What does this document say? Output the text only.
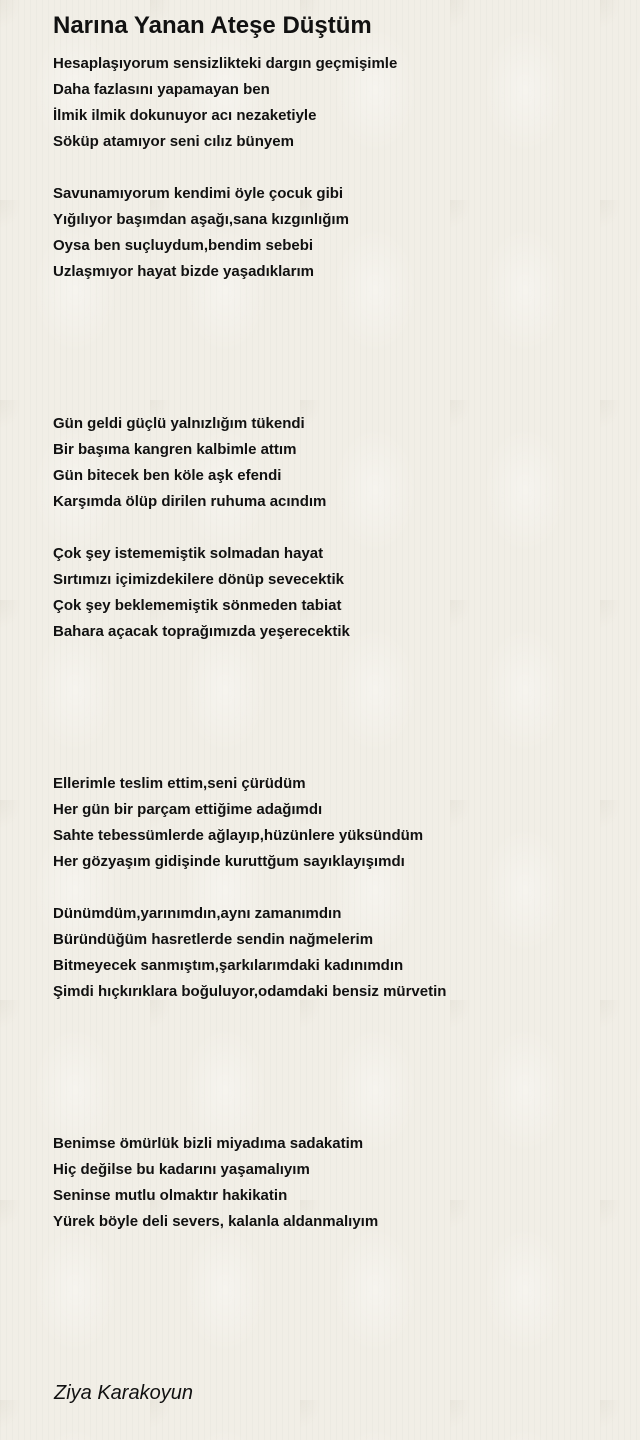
Narına Yanan Ateşe Düştüm
Hesaplaşıyorum sensizlikteki dargın geçmişimle
Daha fazlasını yapamayan ben
İlmik ilmik dokunuyor acı nezaketiyle
Söküp atamıyor seni cılız bünyem
Savunamıyorum kendimi öyle çocuk gibi
Yığılıyor başımdan aşağı,sana kızgınlığım
Oysa ben suçluydum,bendim sebebi
Uzlaşmıyor hayat bizde yaşadıklarım
Gün geldi güçlü yalnızlığım tükendi
Bir başıma kangren kalbimle attım
Gün bitecek ben köle aşk efendi
Karşımda ölüp dirilen ruhuma acındım
Çok şey istememiştik solmadan hayat
Sırtımızı içimizdekilere dönüp sevecektik
Çok şey beklememiştik sönmeden tabiat
Bahara açacak toprağımızda yeşerecektik
Ellerimle teslim ettim,seni çürüdüm
Her gün bir parçam ettiğime adağımdı
Sahte tebessümlerde ağlayıp,hüzünlere yüksündüm
Her gözyaşım gidişinde kuruttğum sayıklayışımdı
Dünümdüm,yarınımdın,aynı zamanımdın
Büründüğüm hasretlerde sendin nağmelerim
Bitmeyecek sanmıştım,şarkılarımdaki kadınımdın
Şimdi hıçkırıklara boğuluyor,odamdaki bensiz mürvetin
Benimse ömürlük bizli miyadıma sadakatim
Hiç değilse bu kadarını yaşamalıyım
Seninse mutlu olmaktır hakikatin
Yürek böyle deli severs, kalanla aldanmalıyım
Ziya Karakoyun
